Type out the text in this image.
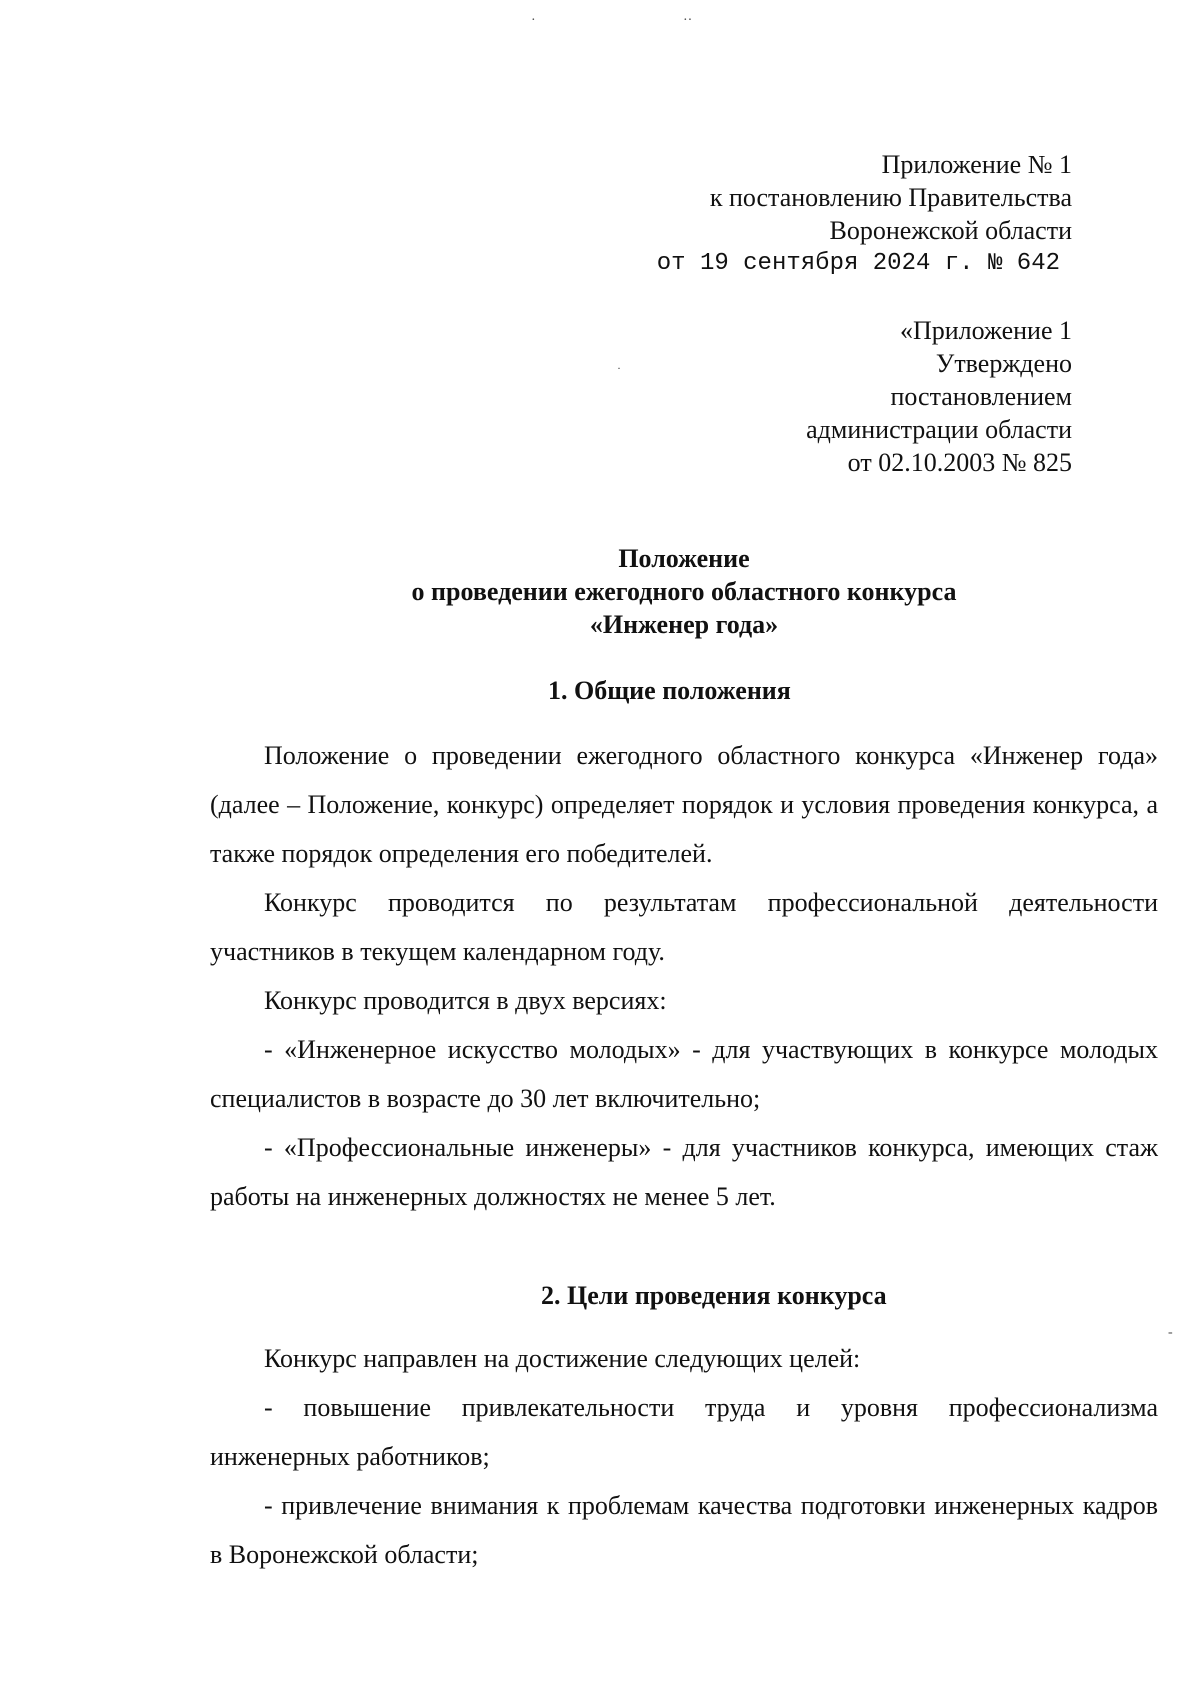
·	··
·
-
Приложение № 1
к постановлению Правительства
Воронежской области
от 19 сентября 2024 г. № 642
«Приложение 1
Утверждено
постановлением
администрации области
от 02.10.2003 № 825
Положение
о проведении ежегодного областного конкурса
«Инженер года»
1. Общие положения

Положение о проведении ежегодного областного конкурса «Инженер года» (далее – Положение, конкурс) определяет порядок и условия проведения конкурса, а также порядок определения его победителей.

Конкурс проводится по результатам профессиональной деятельности участников в текущем календарном году.

Конкурс проводится в двух версиях:

- «Инженерное искусство молодых» - для участвующих в конкурсе молодых специалистов в возрасте до 30 лет включительно;

- «Профессиональные инженеры» - для участников конкурса, имеющих стаж работы на инженерных должностях не менее 5 лет.

2. Цели проведения конкурса

Конкурс направлен на достижение следующих целей:

- повышение привлекательности труда и уровня профессионализма инженерных работников;

- привлечение внимания к проблемам качества подготовки инженерных кадров в Воронежской области;
